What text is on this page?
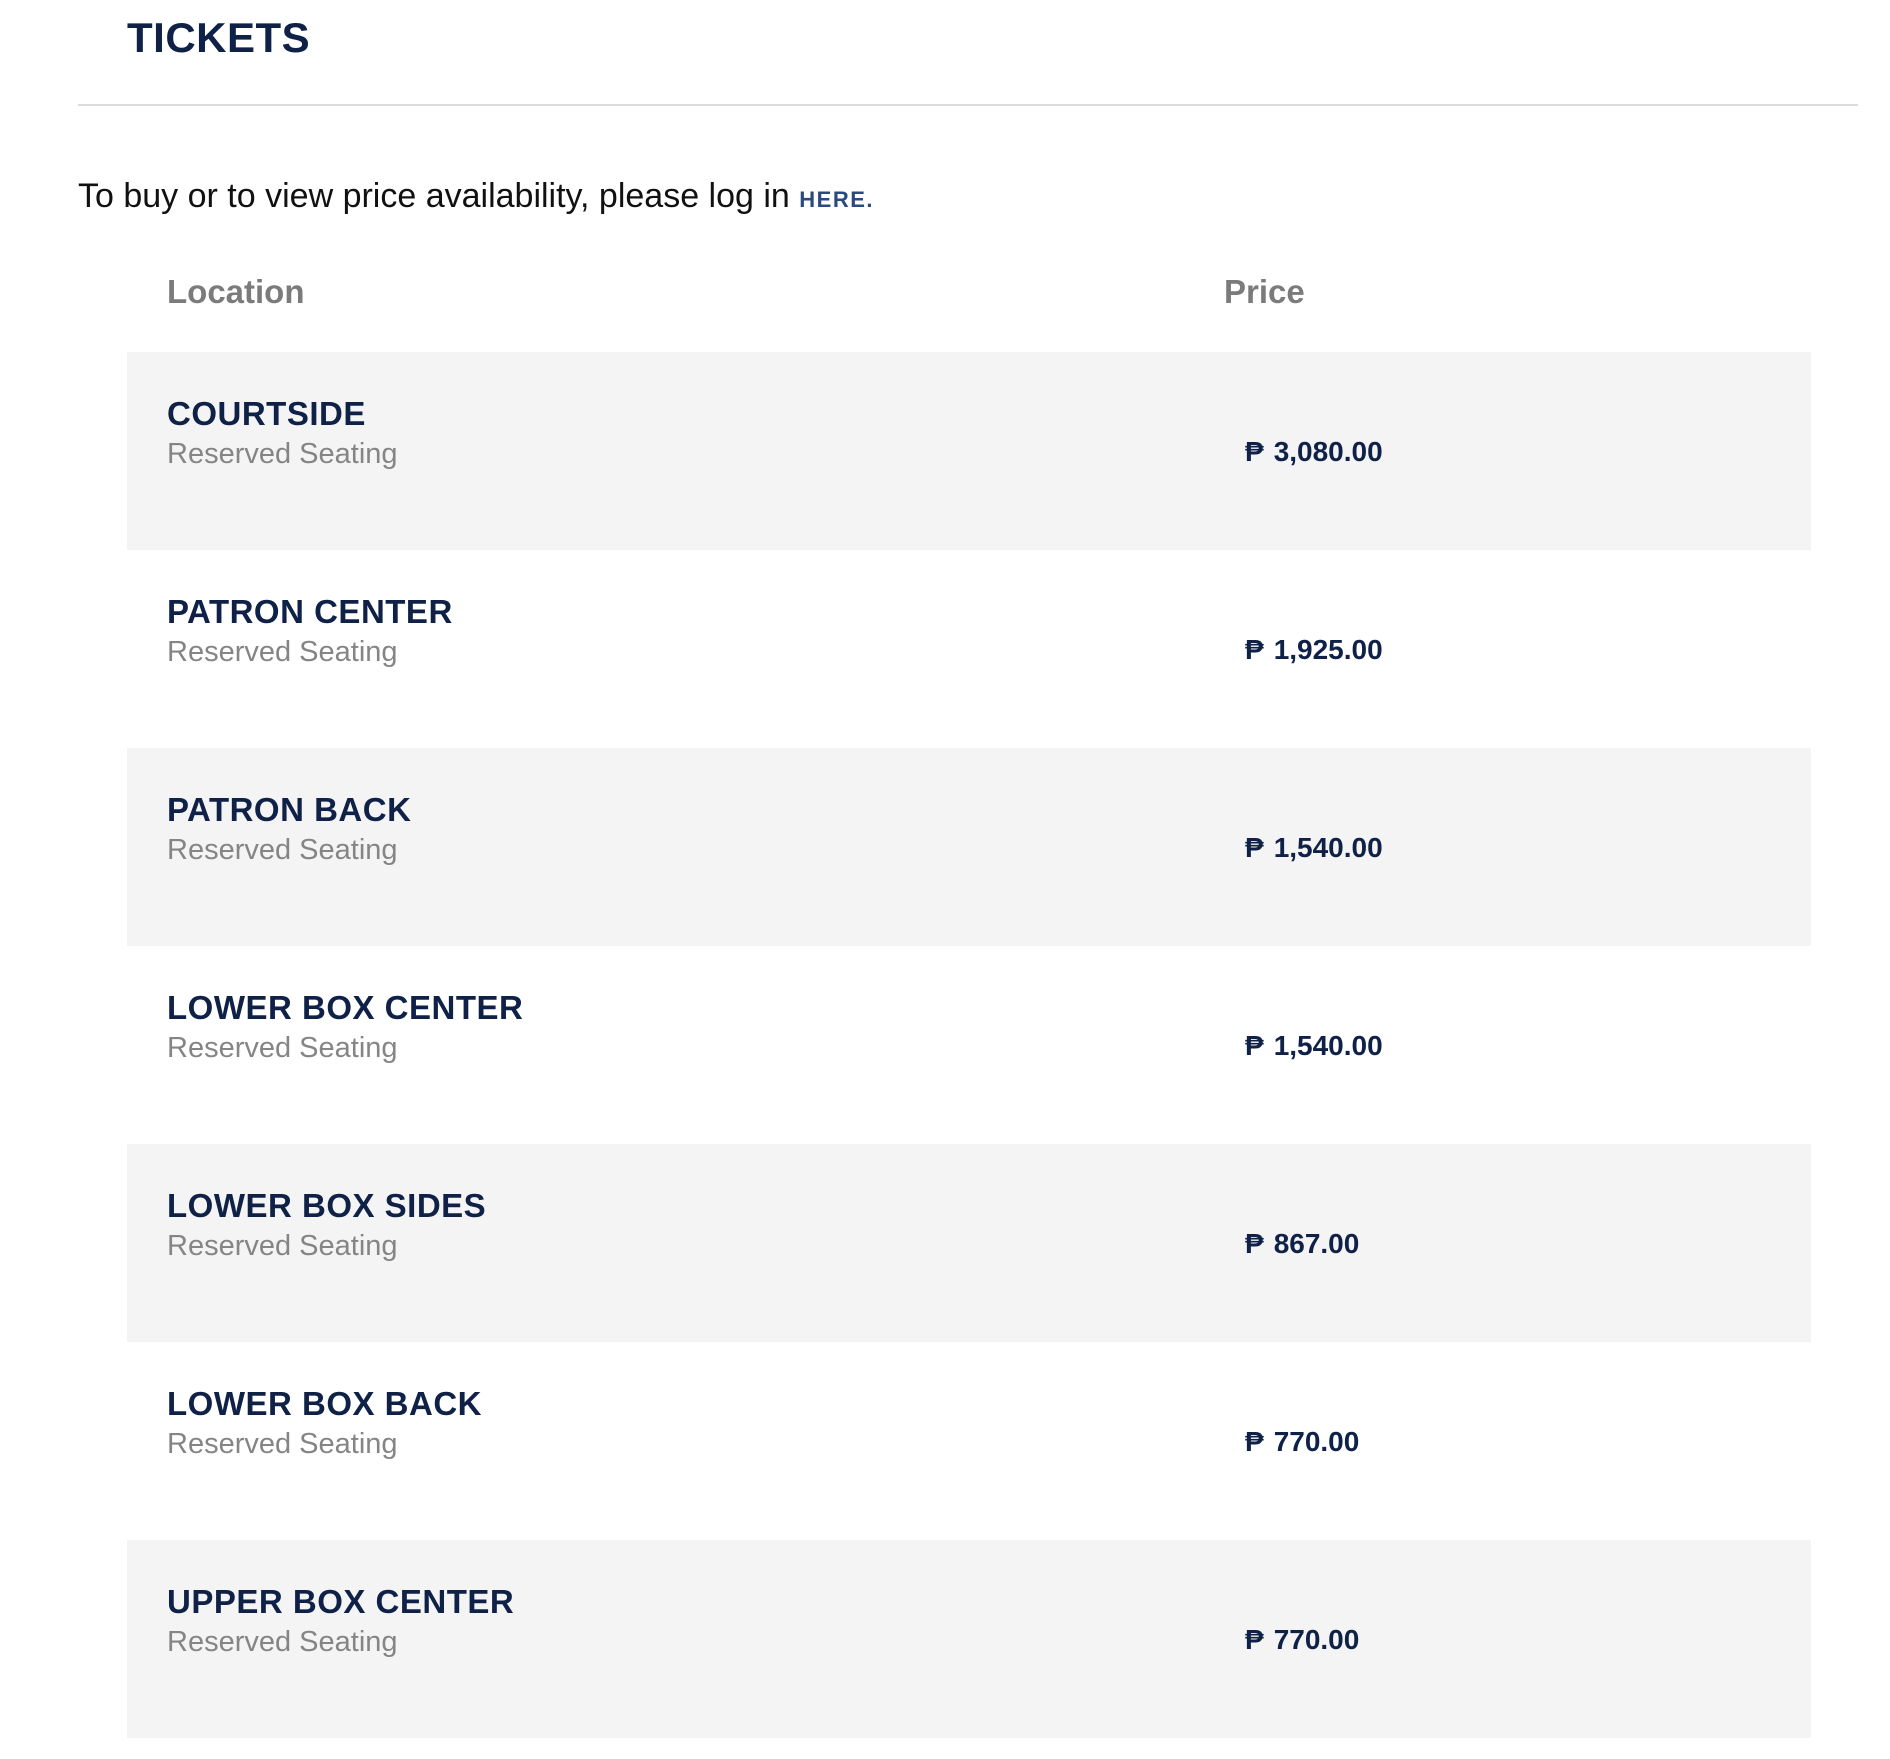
TICKETS

To buy or to view price availability, please log in HERE.

Location	Price
COURTSIDE
Reserved Seating	₱ 3,080.00
PATRON CENTER
Reserved Seating	₱ 1,925.00
PATRON BACK
Reserved Seating	₱ 1,540.00
LOWER BOX CENTER
Reserved Seating	₱ 1,540.00
LOWER BOX SIDES
Reserved Seating	₱ 867.00
LOWER BOX BACK
Reserved Seating	₱ 770.00
UPPER BOX CENTER
Reserved Seating	₱ 770.00
